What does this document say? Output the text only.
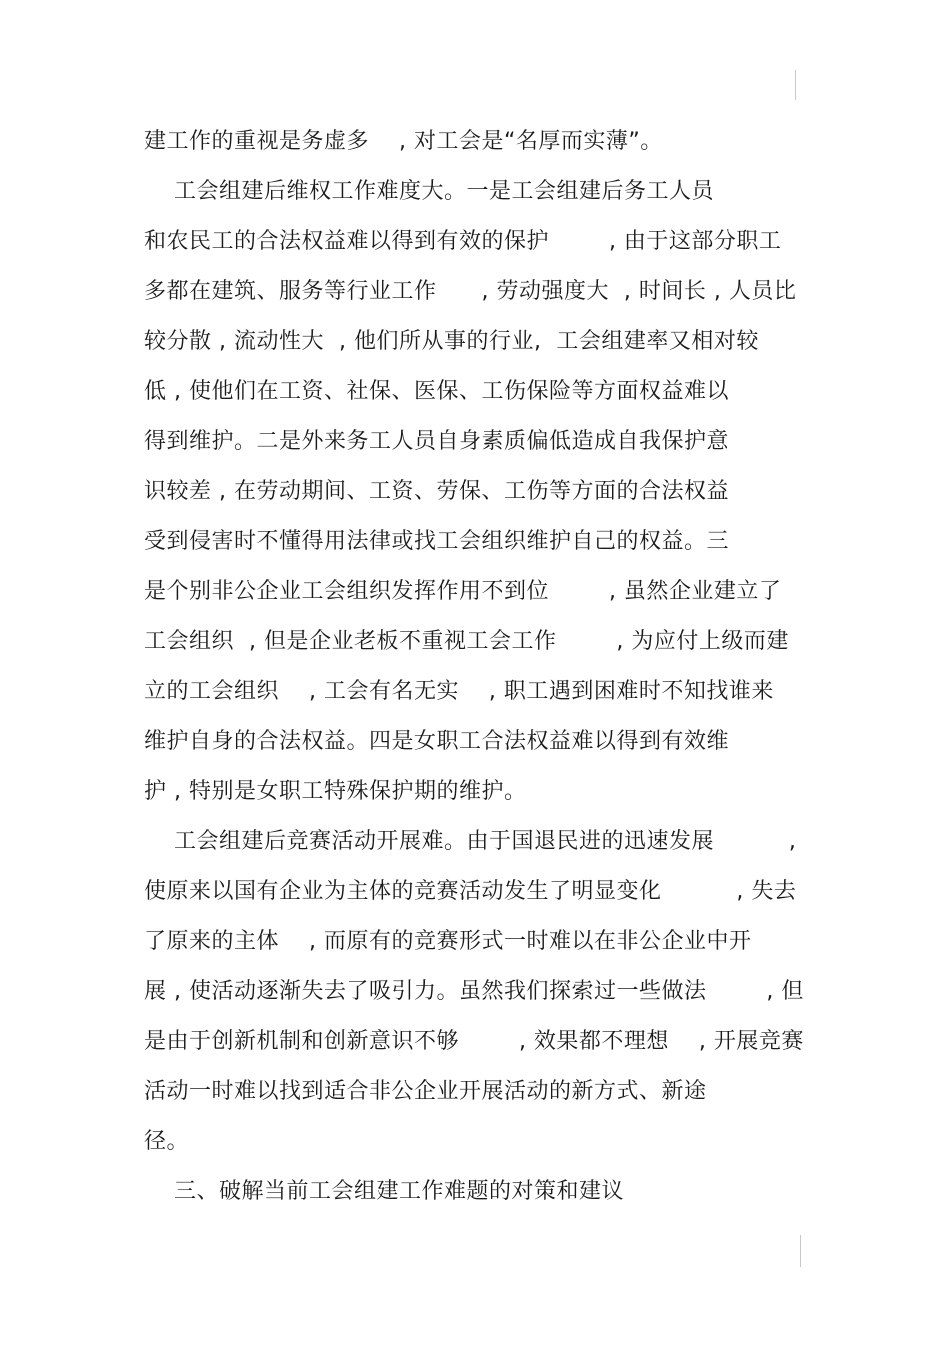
建工作的重视是务虚多    , 对工会是“名厚而实薄”。
工会组建后维权工作难度大。一是工会组建后务工人员
和农民工的合法权益难以得到有效的保护        , 由于这部分职工
多都在建筑、服务等行业工作      , 劳动强度大  , 时间长 , 人员比
较分散 , 流动性大  , 他们所从事的行业,  工会组建率又相对较
低 , 使他们在工资、社保、医保、工伤保险等方面权益难以
得到维护。二是外来务工人员自身素质偏低造成自我保护意
识较差 , 在劳动期间、工资、劳保、工伤等方面的合法权益
受到侵害时不懂得用法律或找工会组织维护自己的权益。三
是个别非公企业工会组织发挥作用不到位        , 虽然企业建立了
工会组织  , 但是企业老板不重视工会工作        , 为应付上级而建
立的工会组织    , 工会有名无实    , 职工遇到困难时不知找谁来
维护自身的合法权益。四是女职工合法权益难以得到有效维
护 , 特别是女职工特殊保护期的维护。
工会组建后竞赛活动开展难。由于国退民进的迅速发展          ,
使原来以国有企业为主体的竞赛活动发生了明显变化          , 失去
了原来的主体    , 而原有的竞赛形式一时难以在非公企业中开
展 , 使活动逐渐失去了吸引力。虽然我们探索过一些做法        , 但
是由于创新机制和创新意识不够        , 效果都不理想    , 开展竞赛
活动一时难以找到适合非公企业开展活动的新方式、新途
径。
三、破解当前工会组建工作难题的对策和建议
